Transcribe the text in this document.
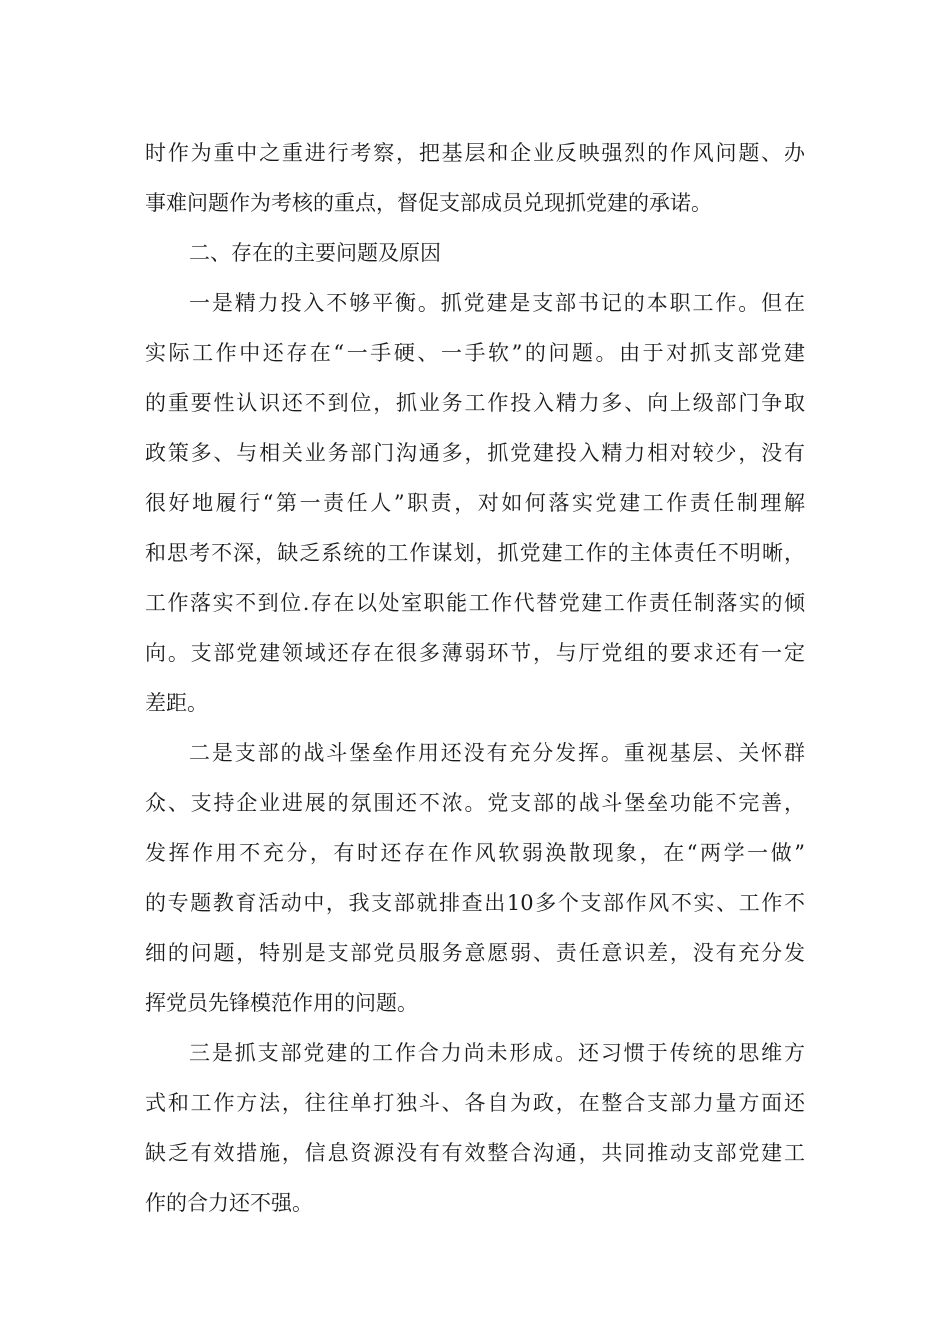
时作为重中之重进行考察，把基层和企业反映强烈的作风问题、办
事难问题作为考核的重点，督促支部成员兑现抓党建的承诺。
二、存在的主要问题及原因
一是精力投入不够平衡。抓党建是支部书记的本职工作。但在
实际工作中还存在“一手硬、一手软”的问题。由于对抓支部党建
的重要性认识还不到位，抓业务工作投入精力多、向上级部门争取
政策多、与相关业务部门沟通多，抓党建投入精力相对较少，没有
很好地履行“第一责任人”职责，对如何落实党建工作责任制理解
和思考不深，缺乏系统的工作谋划，抓党建工作的主体责任不明晰，
工作落实不到位.存在以处室职能工作代替党建工作责任制落实的倾
向。支部党建领域还存在很多薄弱环节，与厅党组的要求还有一定
差距。
二是支部的战斗堡垒作用还没有充分发挥。重视基层、关怀群
众、支持企业进展的氛围还不浓。党支部的战斗堡垒功能不完善，
发挥作用不充分，有时还存在作风软弱涣散现象，在“两学一做”
的专题教育活动中，我支部就排查出10多个支部作风不实、工作不
细的问题，特别是支部党员服务意愿弱、责任意识差，没有充分发
挥党员先锋模范作用的问题。
三是抓支部党建的工作合力尚未形成。还习惯于传统的思维方
式和工作方法，往往单打独斗、各自为政，在整合支部力量方面还
缺乏有效措施，信息资源没有有效整合沟通，共同推动支部党建工
作的合力还不强。
